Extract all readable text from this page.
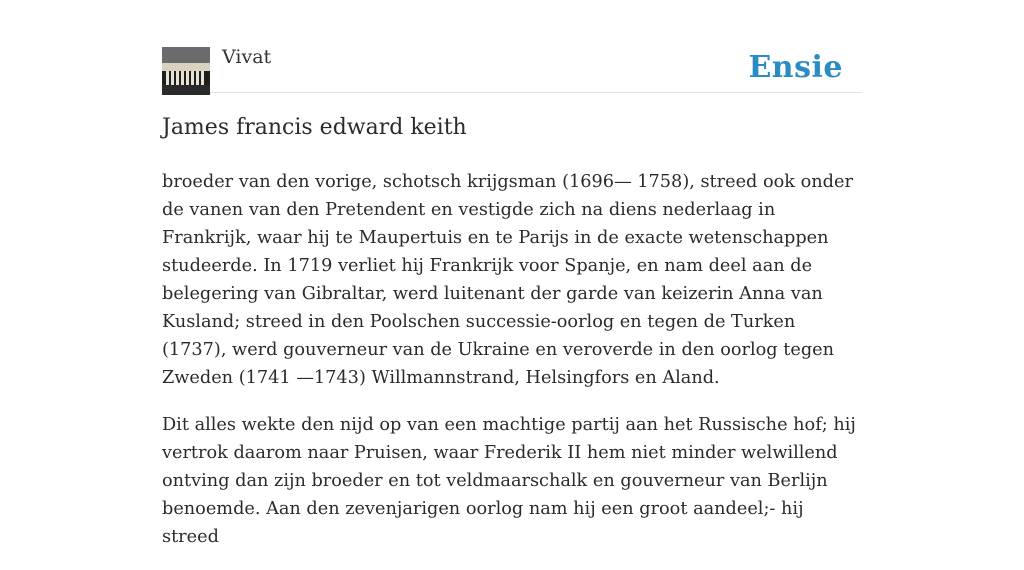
Vivat	Ensie
James francis edward keith

broeder van den vorige, schotsch krijgsman (1696— 1758), streed ook onder de vanen van den Pretendent en vestigde zich na diens nederlaag in Frankrijk, waar hij te Maupertuis en te Parijs in de exacte wetenschappen studeerde. In 1719 verliet hij Frankrijk voor Spanje, en nam deel aan de belegering van Gibraltar, werd luitenant der garde van keizerin Anna van Kusland; streed in den Poolschen successie-oorlog en tegen de Turken (1737), werd gouverneur van de Ukraine en veroverde in den oorlog tegen Zweden (1741 —1743) Willmannstrand, Helsingfors en Aland.

Dit alles wekte den nijd op van een machtige partij aan het Russische hof; hij vertrok daarom naar Pruisen, waar Frederik II hem niet minder welwillend ontving dan zijn broeder en tot veldmaarschalk en gouverneur van Berlijn benoemde. Aan den zevenjarigen oorlog nam hij een groot aandeel;- hij streed
